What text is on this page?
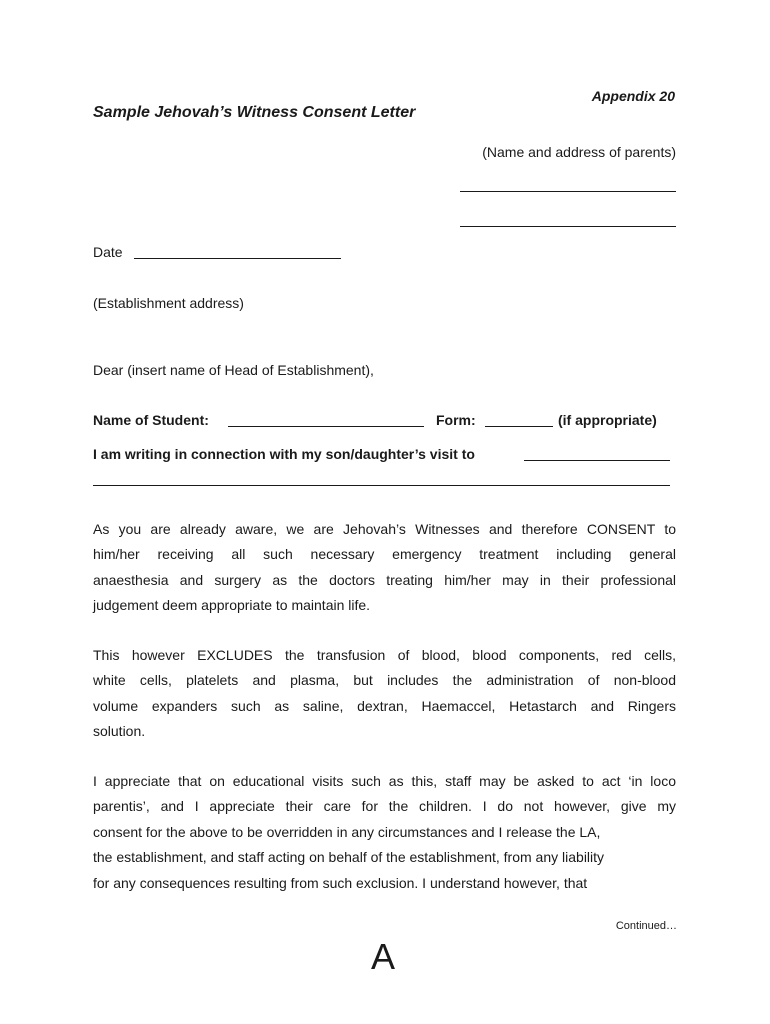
Appendix 20
Sample Jehovah’s Witness Consent Letter
(Name and address of parents)
Date
(Establishment address)
Dear (insert name of Head of Establishment),
Name of Student:	Form:	(if appropriate)
I am writing in connection with my son/daughter’s visit to
As you are already aware, we are Jehovah’s Witnesses and therefore CONSENT to
him/her receiving all such necessary emergency treatment including general
anaesthesia and surgery as the doctors treating him/her may in their professional
judgement deem appropriate to maintain life.
This however EXCLUDES the transfusion of blood, blood components, red cells,
white cells, platelets and plasma, but includes the administration of non-blood
volume expanders such as saline, dextran, Haemaccel, Hetastarch and Ringers
solution.
I appreciate that on educational visits such as this, staff may be asked to act ‘in loco
parentis’, and I appreciate their care for the children. I do not however, give my
consent for the above to be overridden in any circumstances and I release the LA,
the establishment, and staff acting on behalf of the establishment, from any liability
for any consequences resulting from such exclusion. I understand however, that
Continued…
A
